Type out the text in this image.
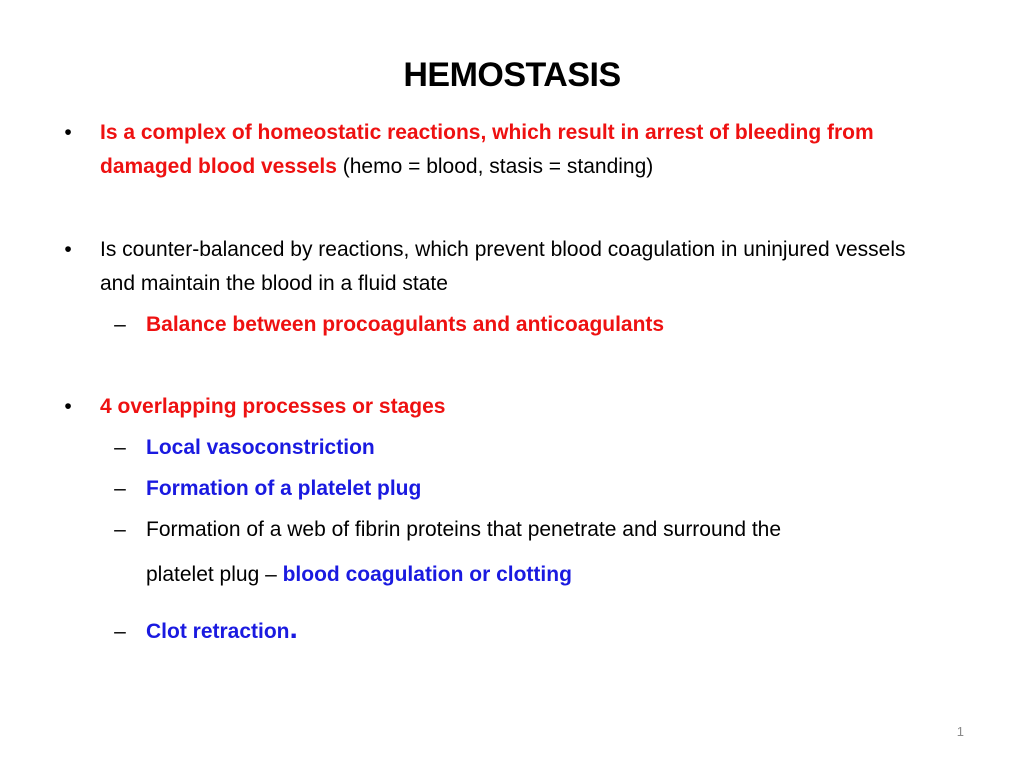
HEMOSTASIS
•	Is a complex of homeostatic reactions, which result in arrest of bleeding from damaged blood vessels (hemo = blood, stasis = standing)
•	Is counter-balanced by reactions, which prevent blood coagulation in uninjured vessels and maintain the blood in a fluid state
– Balance between procoagulants and anticoagulants
•	4 overlapping processes or stages
– Local vasoconstriction
– Formation of a platelet plug
– Formation of a web of fibrin proteins that penetrate and surround the
platelet plug – blood coagulation or clotting
– Clot retraction.
1
